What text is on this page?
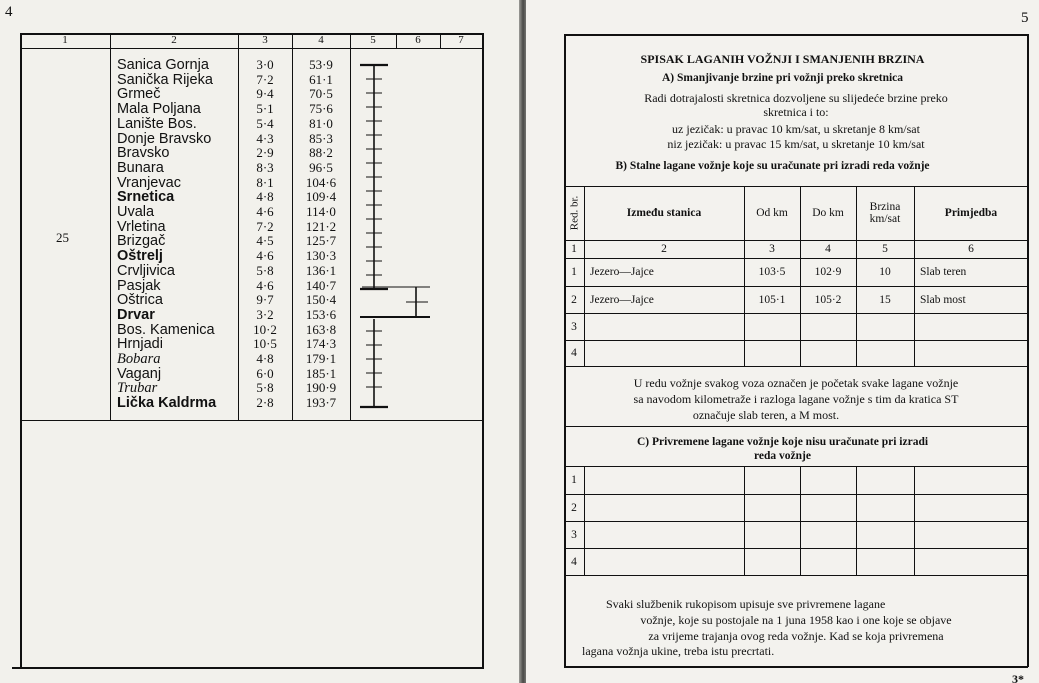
4
1	2	3	4	5	6	7
25
Sanica Gornja	3·0	53·9
Sanička Rijeka	7·2	61·1
Grmeč	9·4	70·5
Mala Poljana	5·1	75·6
Lanište Bos.	5·4	81·0
Donje Bravsko	4·3	85·3
Bravsko	2·9	88·2
Bunara	8·3	96·5
Vranjevac	8·1	104·6
Srnetica	4·8	109·4
Uvala	4·6	114·0
Vrletina	7·2	121·2
Brizgač	4·5	125·7
Oštrelj	4·6	130·3
Crvljivica	5·8	136·1
Pasjak	4·6	140·7
Oštrica	9·7	150·4
Drvar	3·2	153·6
Bos. Kamenica	10·2	163·8
Hrnjadi	10·5	174·3
Bobara	4·8	179·1
Vaganj	6·0	185·1
Trubar	5·8	190·9
Lička Kaldrma	2·8	193·7
5
SPISAK LAGANIH VOŽNJI I SMANJENIH BRZINA
A) Smanjivanje brzine pri vožnji preko skretnica
Radi dotrajalosti skretnica dozvoljene su slijedeće brzine preko
skretnica i to:
uz jezičak: u pravac 10 km/sat, u skretanje 8 km/sat
niz jezičak: u pravac 15 km/sat, u skretanje 10 km/sat
B) Stalne lagane vožnje koje su uračunate pri izradi reda vožnje
Red. br.	Između stanica	Od km	Do km	Brzina km/sat	Primjedba
1	2	3	4	5	6
1	Jezero—Jajce	103·5	102·9	10	Slab teren
2	Jezero—Jajce	105·1	105·2	15	Slab most
3
4
U redu vožnje svakog voza označen je početak svake lagane vožnje
sa navodom kilometraže i razloga lagane vožnje s tim da kratica ST
označuje slab teren, a M most.
C) Privremene lagane vožnje koje nisu uračunate pri izradi
reda vožnje
1
2
3
4
Svaki službenik rukopisom upisuje sve privremene lagane
vožnje, koje su postojale na 1 juna 1958 kao i one koje se objave
za vrijeme trajanja ovog reda vožnje. Kad se koja privremena
lagana vožnja ukine, treba istu precrtati.
3*
